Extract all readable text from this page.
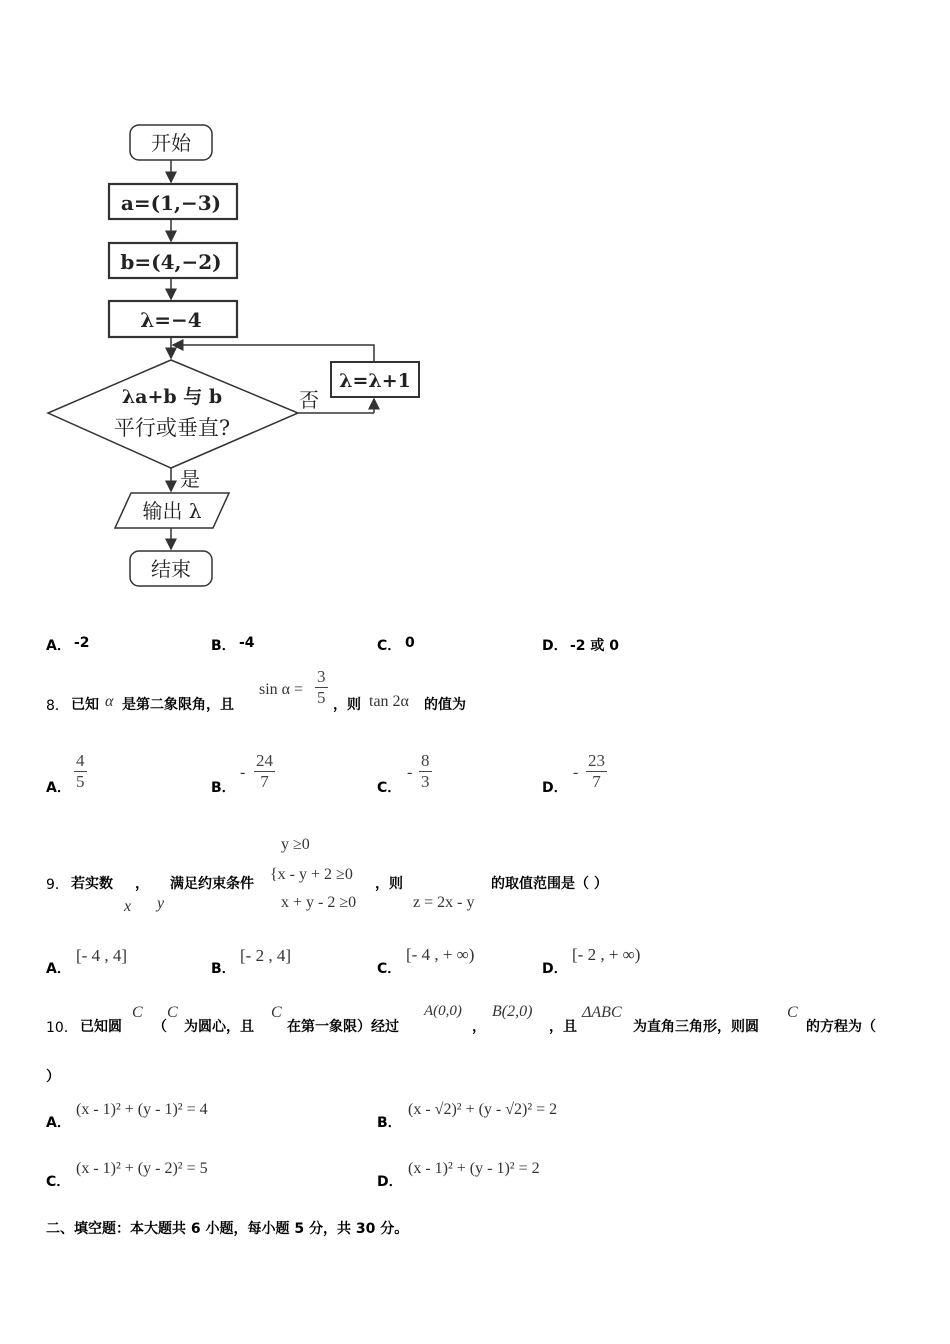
开始
a=(1,−3)
b=(4,−2)
λ=−4
λa+b 与 b
平行或垂直?
否
λ=λ+1
是
输出 λ
结束
A． -2	B． -4	C． 0	D． -2 或 0
8． 已知 α 是第二象限角，且
$\sin \alpha = \frac{3}{5}$ ，则 tan 2α 的值为
A． $\frac{4}{5}$	B．
- $\frac{24}{7}$	C．
- $\frac{8}{3}$	D．
- $\frac{23}{7}$
9． 若实数 ， 满足约束条件
x y
y ≥0
{x - y + 2 ≥0
x + y - 2 ≥0
，则
z = 2x - y
的取值范围是（ ）
A．
[- 4 , 4]
B．
[- 2 , 4]
C．
[- 4 , + ∞)
D．
[- 2 , + ∞)
10． 已知圆
C
（
C
为圆心，且
C
在第一象限）经过
A(0,0)
，
B(2,0)
，且
ΔABC
为直角三角形，则圆
C
的方程为（
）
A．
(x - 1)² + (y - 1)² = 4
B．
(x - √2)² + (y - √2)² = 2
C．
(x - 1)² + (y - 2)² = 5
D．
(x - 1)² + (y - 1)² = 2
二、填空题：本大题共 6 小题，每小题 5 分，共 30 分。
